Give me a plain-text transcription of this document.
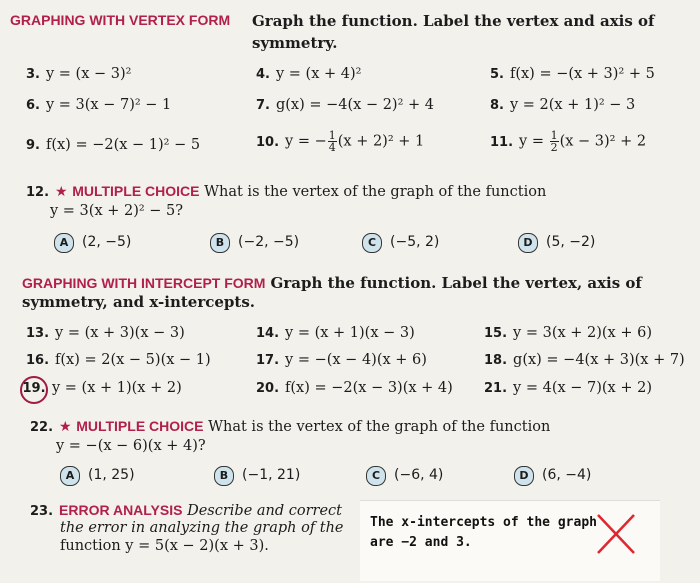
GRAPHING WITH VERTEX FORM Graph the function. Label the vertex and axis of symmetry.
3. y = (x − 3)²	4. y = (x + 4)²	5. f(x) = −(x + 3)² + 5
6. y = 3(x − 7)² − 1	7. g(x) = −4(x − 2)² + 4	8. y = 2(x + 1)² − 3
9. f(x) = −2(x − 1)² − 5	10. y = − $\frac{1}{4} (x + 2)^2 + 1$	11. $y = \frac{1}{2} (x - 3)^2 + 2$
12. ★ MULTIPLE CHOICE What is the vertex of the graph of the function
y = 3(x + 2)² − 5?
A (2, −5)	B (−2, −5)	C (−5, 2)	D (5, −2)
GRAPHING WITH INTERCEPT FORM Graph the function. Label the vertex, axis of
symmetry, and x-intercepts.
13. y = (x + 3)(x − 3)	14. y = (x + 1)(x − 3)	15. y = 3(x + 2)(x + 6)
16. f(x) = 2(x − 5)(x − 1)	17. y = −(x − 4)(x + 6)	18. g(x) = −4(x + 3)(x + 7)
19. y = (x + 1)(x + 2)	20. f(x) = −2(x − 3)(x + 4) 21. y = 4(x − 7)(x + 2)
22. ★ MULTIPLE CHOICE What is the vertex of the graph of the function
y = −(x − 6)(x + 4)?
A (1, 25)	B (−1, 21)	C (−6, 4)	D (6, −4)
23. ERROR ANALYSIS Describe and correct
the error in analyzing the graph of the
function y = 5(x − 2)(x + 3).
The x-intercepts of the graph
are −2 and 3.
